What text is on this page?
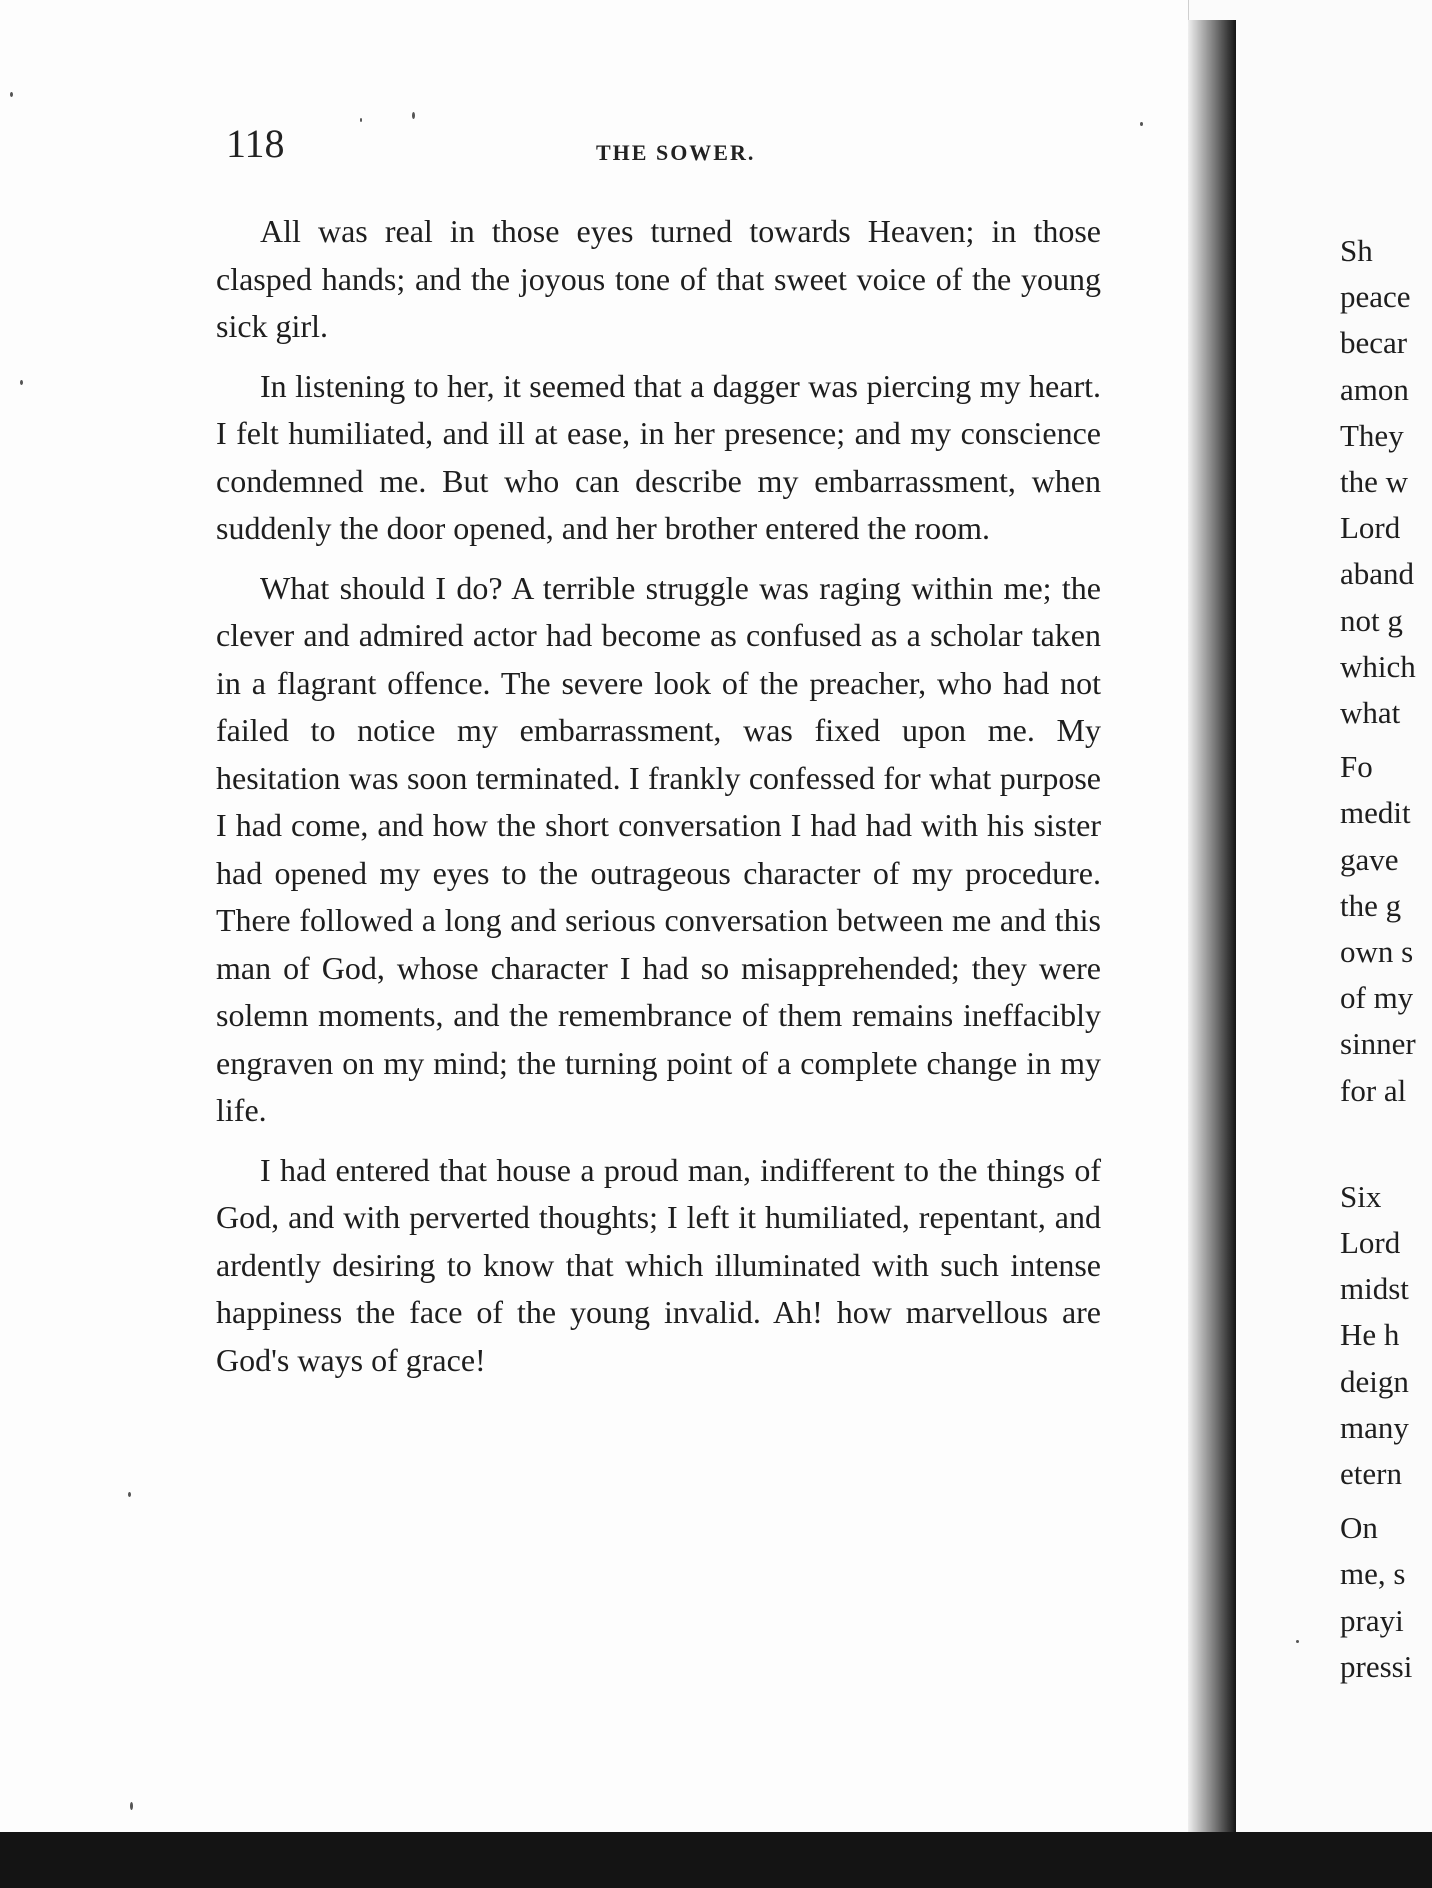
118	THE SOWER.

All was real in those eyes turned towards Heaven; in those clasped hands; and the joyous tone of that sweet voice of the young sick girl.

In listening to her, it seemed that a dagger was piercing my heart. I felt humiliated, and ill at ease, in her presence; and my conscience condemned me. But who can describe my embarrassment, when suddenly the door opened, and her brother entered the room.

What should I do? A terrible struggle was raging within me; the clever and admired actor had become as confused as a scholar taken in a flagrant offence. The severe look of the preacher, who had not failed to notice my embarrassment, was fixed upon me. My hesitation was soon terminated. I frankly confessed for what purpose I had come, and how the short conversation I had had with his sister had opened my eyes to the outrageous character of my procedure. There followed a long and serious conversation between me and this man of God, whose character I had so misapprehended; they were solemn moments, and the remembrance of them remains ineffacibly engraven on my mind; the turning point of a complete change in my life.

I had entered that house a proud man, indifferent to the things of God, and with perverted thoughts; I left it humiliated, repentant, and ardently desiring to know that which illuminated with such intense happiness the face of the young invalid. Ah! how marvellous are God's ways of grace!

Sh
peace
becar
amon
They
the w
Lord
aband
not g
which
what

Fo
medit
gave
the g
own s
of my
sinner
for al

Six
Lord
midst
He h
deign
many
etern

On
me, s
prayi
pressi
